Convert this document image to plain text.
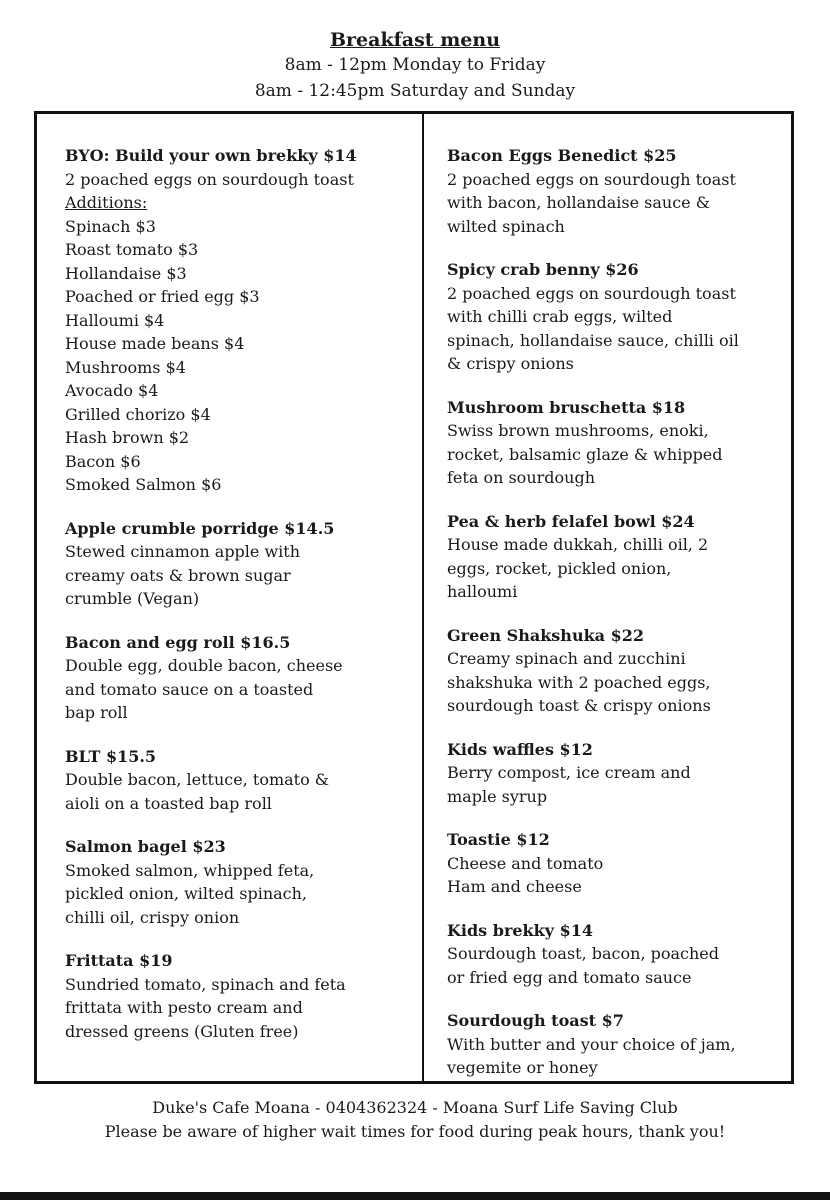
Breakfast menu
8am - 12pm Monday to Friday
8am - 12:45pm Saturday and Sunday
BYO: Build your own brekky $14
2 poached eggs on sourdough toast
Additions:
Spinach $3
Roast tomato $3
Hollandaise $3
Poached or fried egg $3
Halloumi $4
House made beans $4
Mushrooms $4
Avocado $4
Grilled chorizo $4
Hash brown $2
Bacon $6
Smoked Salmon $6
Apple crumble porridge $14.5
Stewed cinnamon apple with
creamy oats & brown sugar
crumble (Vegan)
Bacon and egg roll $16.5
Double egg, double bacon, cheese
and tomato sauce on a toasted
bap roll
BLT $15.5
Double bacon, lettuce, tomato &
aioli on a toasted bap roll
Salmon bagel $23
Smoked salmon, whipped feta,
pickled onion, wilted spinach,
chilli oil, crispy onion
Frittata $19
Sundried tomato, spinach and feta
frittata with pesto cream and
dressed greens (Gluten free)
Bacon Eggs Benedict $25
2 poached eggs on sourdough toast
with bacon, hollandaise sauce &
wilted spinach
Spicy crab benny $26
2 poached eggs on sourdough toast
with chilli crab eggs, wilted
spinach, hollandaise sauce, chilli oil
& crispy onions
Mushroom bruschetta $18
Swiss brown mushrooms, enoki,
rocket, balsamic glaze & whipped
feta on sourdough
Pea & herb felafel bowl $24
House made dukkah, chilli oil, 2
eggs, rocket, pickled onion,
halloumi
Green Shakshuka $22
Creamy spinach and zucchini
shakshuka with 2 poached eggs,
sourdough toast & crispy onions
Kids waffles $12
Berry compost, ice cream and
maple syrup
Toastie $12
Cheese and tomato
Ham and cheese
Kids brekky $14
Sourdough toast, bacon, poached
or fried egg and tomato sauce
Sourdough toast $7
With butter and your choice of jam,
vegemite or honey
Duke's Cafe Moana - 0404362324 - Moana Surf Life Saving Club
Please be aware of higher wait times for food during peak hours, thank you!
